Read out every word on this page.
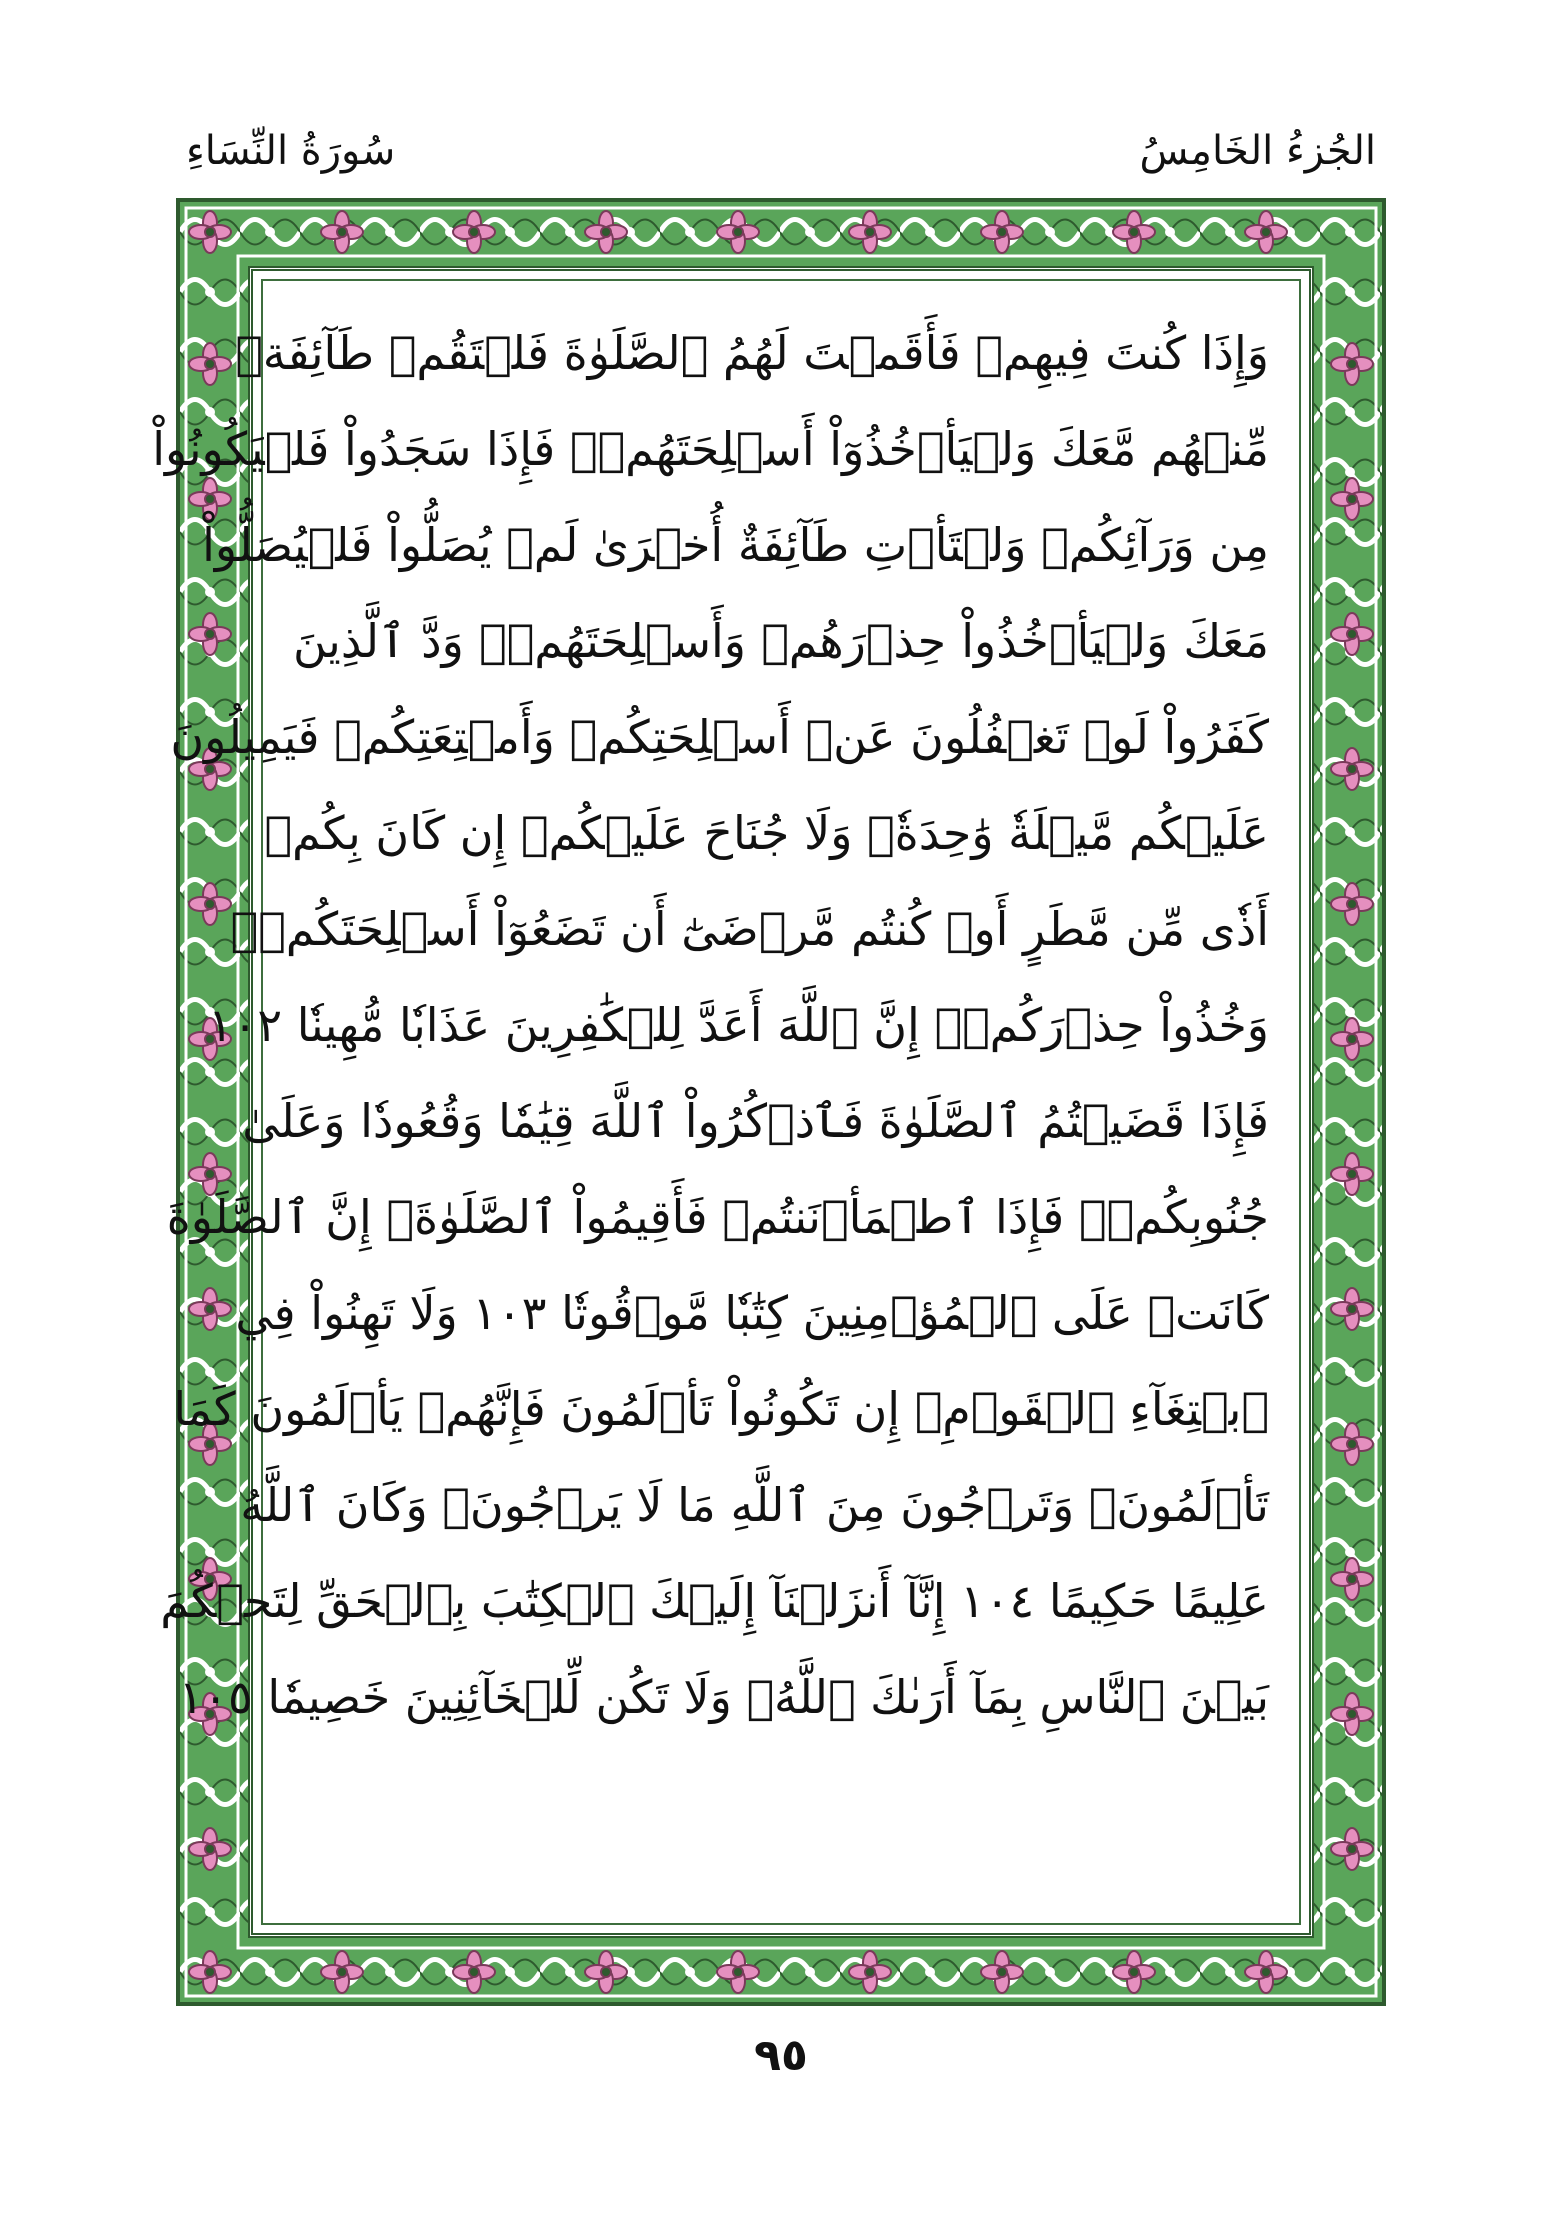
سُورَةُ النِّسَاءِ	الجُزءُ الخَامِسُ
وَإِذَا كُنتَ فِيهِمۡ فَأَقَمۡتَ لَهُمُ ٱلصَّلَوٰةَ فَلۡتَقُمۡ طَآئِفَةٞ
مِّنۡهُم مَّعَكَ وَلۡيَأۡخُذُوٓاْ أَسۡلِحَتَهُمۡۖ فَإِذَا سَجَدُواْ فَلۡيَكُونُواْ
مِن وَرَآئِكُمۡ وَلۡتَأۡتِ طَآئِفَةٌ أُخۡرَىٰ لَمۡ يُصَلُّواْ فَلۡيُصَلُّواْ
مَعَكَ وَلۡيَأۡخُذُواْ حِذۡرَهُمۡ وَأَسۡلِحَتَهُمۡۗ وَدَّ ٱلَّذِينَ
كَفَرُواْ لَوۡ تَغۡفُلُونَ عَنۡ أَسۡلِحَتِكُمۡ وَأَمۡتِعَتِكُمۡ فَيَمِيلُونَ
عَلَيۡكُم مَّيۡلَةٗ وَٰحِدَةٗۚ وَلَا جُنَاحَ عَلَيۡكُمۡ إِن كَانَ بِكُمۡ
أَذٗى مِّن مَّطَرٍ أَوۡ كُنتُم مَّرۡضَىٰٓ أَن تَضَعُوٓاْ أَسۡلِحَتَكُمۡۖ
وَخُذُواْ حِذۡرَكُمۡۗ إِنَّ ٱللَّهَ أَعَدَّ لِلۡكَٰفِرِينَ عَذَابٗا مُّهِينٗا ١٠٢
فَإِذَا قَضَيۡتُمُ ٱلصَّلَوٰةَ فَٱذۡكُرُواْ ٱللَّهَ قِيَٰمٗا وَقُعُودٗا وَعَلَىٰ
جُنُوبِكُمۡۚ فَإِذَا ٱطۡمَأۡنَنتُمۡ فَأَقِيمُواْ ٱلصَّلَوٰةَۚ إِنَّ ٱلصَّلَوٰةَ
كَانَتۡ عَلَى ٱلۡمُؤۡمِنِينَ كِتَٰبٗا مَّوۡقُوتٗا ١٠٣ وَلَا تَهِنُواْ فِي
ٱبۡتِغَآءِ ٱلۡقَوۡمِۖ إِن تَكُونُواْ تَأۡلَمُونَ فَإِنَّهُمۡ يَأۡلَمُونَ كَمَا
تَأۡلَمُونَۖ وَتَرۡجُونَ مِنَ ٱللَّهِ مَا لَا يَرۡجُونَۗ وَكَانَ ٱللَّهُ
عَلِيمًا حَكِيمًا ١٠٤ إِنَّآ أَنزَلۡنَآ إِلَيۡكَ ٱلۡكِتَٰبَ بِٱلۡحَقِّ لِتَحۡكُمَ
بَيۡنَ ٱلنَّاسِ بِمَآ أَرَىٰكَ ٱللَّهُۚ وَلَا تَكُن لِّلۡخَآئِنِينَ خَصِيمٗا ١٠٥
٩٥
